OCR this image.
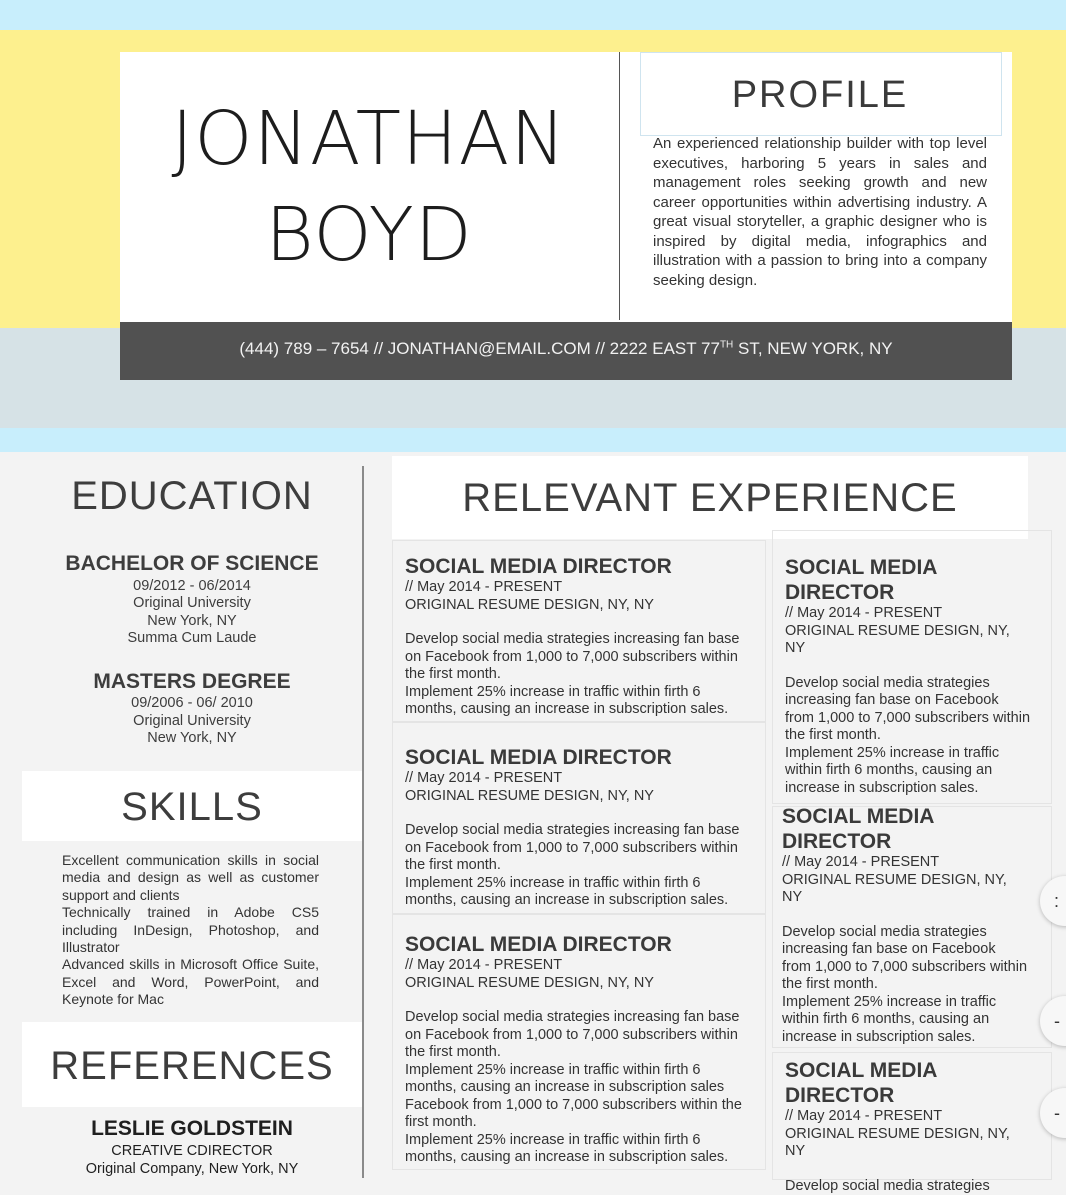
JONATHAN
BOYD
PROFILE
An experienced relationship builder with top level executives, harboring 5 years in sales and management roles seeking growth and new career opportunities within advertising industry. A great visual storyteller, a graphic designer who is inspired by digital media, infographics and illustration with a passion to bring into a company seeking design.
(444) 789 – 7654 // JONATHAN@EMAIL.COM // 2222 EAST 77TH ST, NEW YORK, NY
EDUCATION
BACHELOR OF SCIENCE
09/2012 - 06/2014
Original University
New York, NY
Summa Cum Laude
MASTERS DEGREE
09/2006 - 06/ 2010
Original University
New York, NY
SKILLS

Excellent communication skills in social media and design as well as customer support and clients

Technically trained in Adobe CS5 including InDesign, Photoshop, and Illustrator

Advanced skills in Microsoft Office Suite, Excel and Word, PowerPoint, and Keynote for Mac

REFERENCES
LESLIE GOLDSTEIN
CREATIVE CDIRECTOR
Original Company, New York, NY
RELEVANT EXPERIENCE
SOCIAL MEDIA DIRECTOR
// May 2014 - PRESENT
ORIGINAL RESUME DESIGN, NY, NY

Develop social media strategies increasing fan base on Facebook from 1,000 to 7,000 subscribers within the first month.

Implement 25% increase in traffic within firth 6 months, causing an increase in subscription sales.

SOCIAL MEDIA DIRECTOR
// May 2014 - PRESENT
ORIGINAL RESUME DESIGN, NY, NY

Develop social media strategies increasing fan base on Facebook from 1,000 to 7,000 subscribers within the first month.

Implement 25% increase in traffic within firth 6 months, causing an increase in subscription sales.

SOCIAL MEDIA DIRECTOR
// May 2014 - PRESENT
ORIGINAL RESUME DESIGN, NY, NY

Develop social media strategies increasing fan base on Facebook from 1,000 to 7,000 subscribers within the first month.

Implement 25% increase in traffic within firth 6 months, causing an increase in subscription sales

Facebook from 1,000 to 7,000 subscribers within the first month.

Implement 25% increase in traffic within firth 6 months, causing an increase in subscription sales.

SOCIAL MEDIA DIRECTOR
// May 2014 - PRESENT
ORIGINAL RESUME DESIGN, NY, NY

Develop social media strategies increasing fan base on Facebook from 1,000 to 7,000 subscribers within the first month.

Implement 25% increase in traffic within firth 6 months, causing an increase in subscription sales.

SOCIAL MEDIA DIRECTOR
// May 2014 - PRESENT
ORIGINAL RESUME DESIGN, NY, NY

Develop social media strategies increasing fan base on Facebook from 1,000 to 7,000 subscribers within the first month.

Implement 25% increase in traffic within firth 6 months, causing an increase in subscription sales.

SOCIAL MEDIA DIRECTOR
// May 2014 - PRESENT
ORIGINAL RESUME DESIGN, NY, NY

Develop social media strategies

:
-
-
